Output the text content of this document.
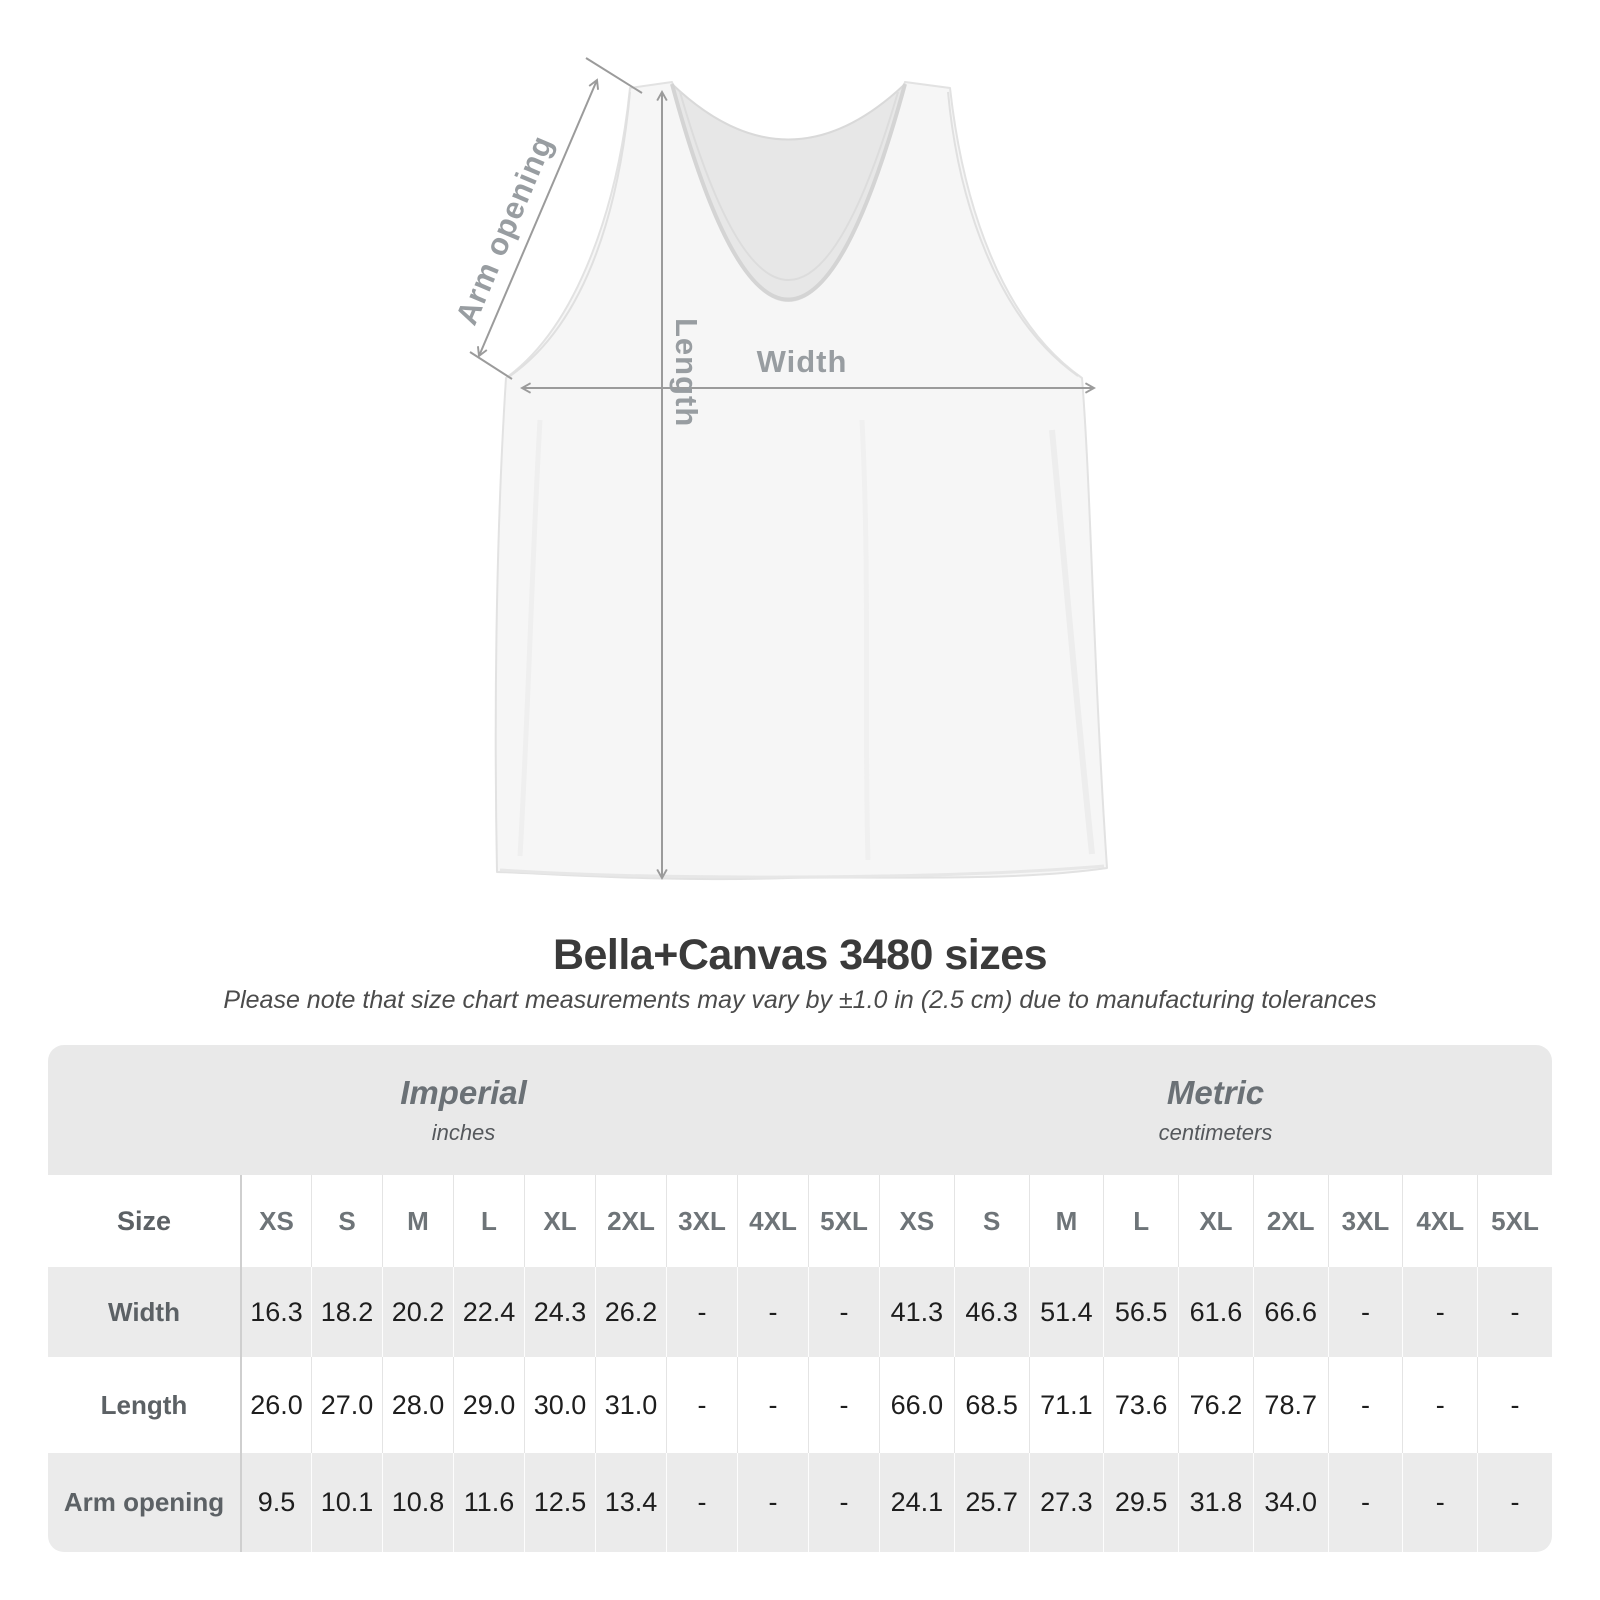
Arm opening
Length Width
Bella+Canvas 3480 sizes
Please note that size chart measurements may vary by ±1.0 in (2.5 cm) due to manufacturing tolerances
Imperial
inches
Metric
centimeters
Size	XS	S	M	L	XL	2XL 3XL 4XL 5XL	XS	S	M	L	XL	2XL	3XL	4XL	5XL
Width	16.3 18.2 20.2 22.4 24.3 26.2	-	-	-	41.3 46.3 51.4 56.5 61.6 66.6	-	-	-
Length	26.0 27.0 28.0 29.0 30.0 31.0	-	-	-	66.0 68.5 71.1 73.6 76.2 78.7	-	-	-
Arm opening	9.5 10.1 10.8 11.6 12.5 13.4	-	-	-	24.1 25.7 27.3 29.5 31.8 34.0	-	-	-
